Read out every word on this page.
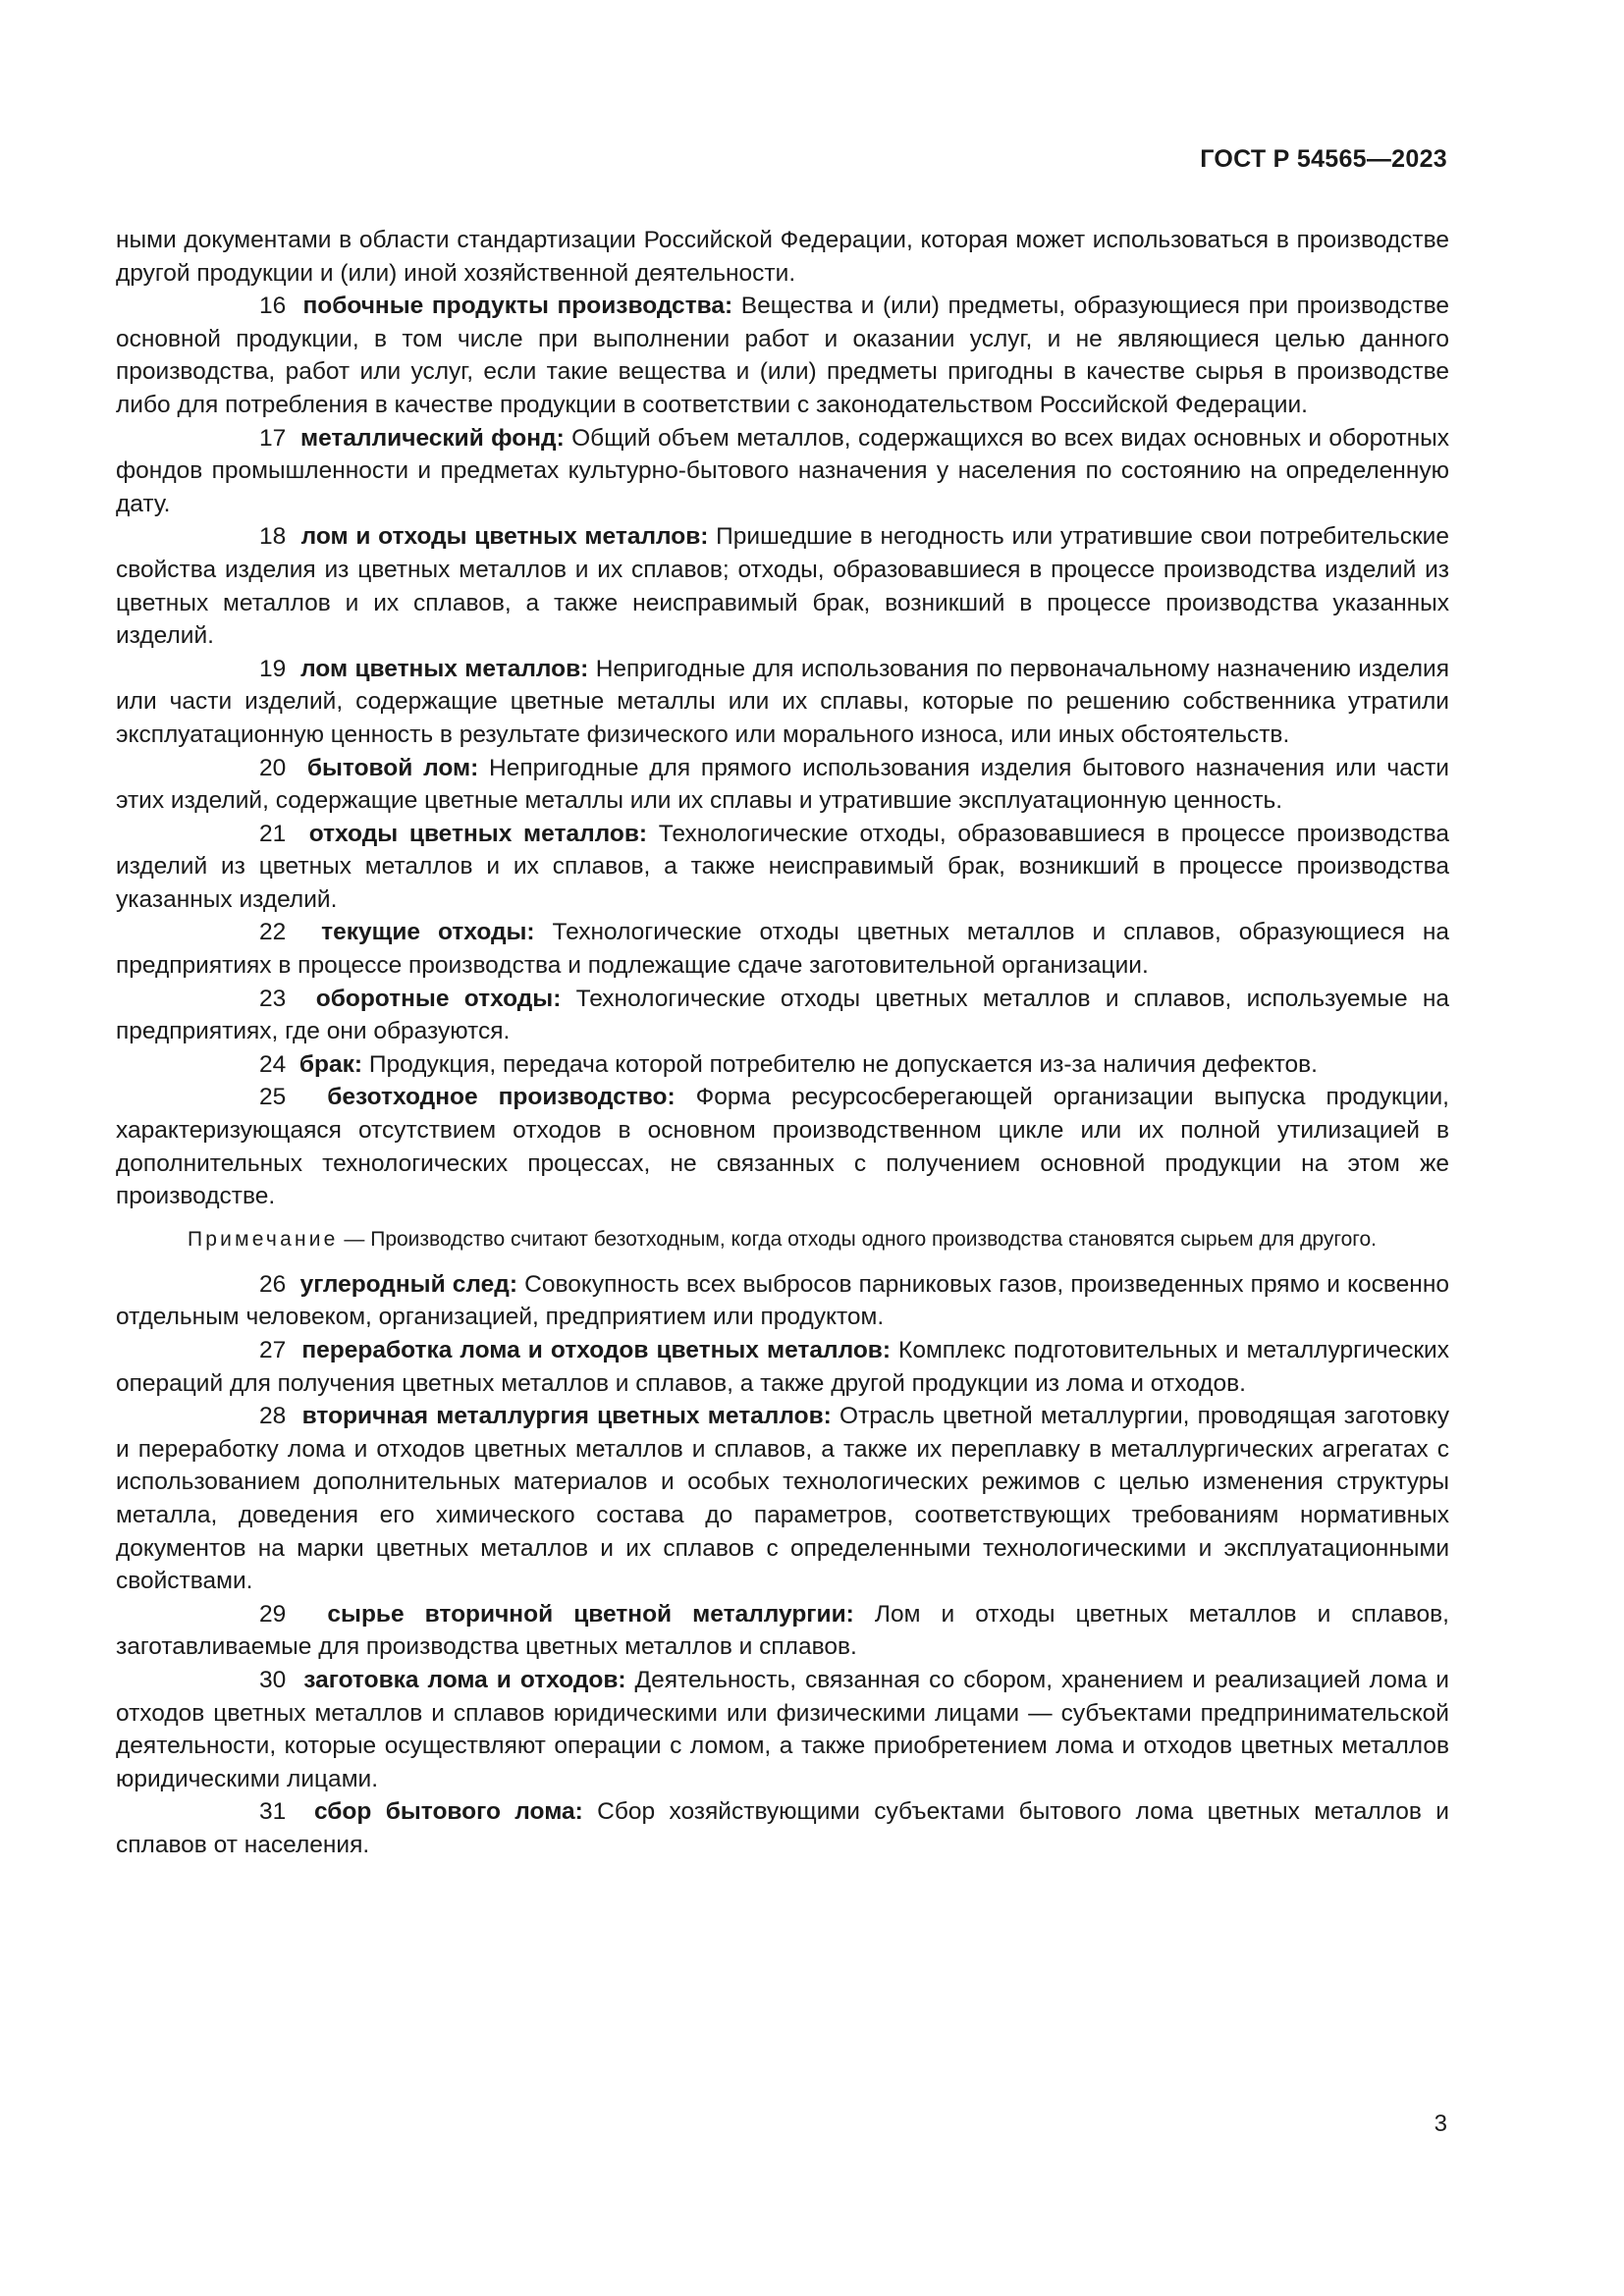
ГОСТ Р 54565—2023

ными документами в области стандартизации Российской Федерации, которая может использоваться в производстве другой продукции и (или) иной хозяйственной деятельности.

16 побочные продукты производства: Вещества и (или) предметы, образующиеся при производстве основной продукции, в том числе при выполнении работ и оказании услуг, и не являющиеся целью данного производства, работ или услуг, если такие вещества и (или) предметы пригодны в качестве сырья в производстве либо для потребления в качестве продукции в соответствии с законодательством Российской Федерации.

17 металлический фонд: Общий объем металлов, содержащихся во всех видах основных и оборотных фондов промышленности и предметах культурно-бытового назначения у населения по состоянию на определенную дату.

18 лом и отходы цветных металлов: Пришедшие в негодность или утратившие свои потребительские свойства изделия из цветных металлов и их сплавов; отходы, образовавшиеся в процессе производства изделий из цветных металлов и их сплавов, а также неисправимый брак, возникший в процессе производства указанных изделий.

19 лом цветных металлов: Непригодные для использования по первоначальному назначению изделия или части изделий, содержащие цветные металлы или их сплавы, которые по решению собственника утратили эксплуатационную ценность в результате физического или морального износа, или иных обстоятельств.

20 бытовой лом: Непригодные для прямого использования изделия бытового назначения или части этих изделий, содержащие цветные металлы или их сплавы и утратившие эксплуатационную ценность.

21 отходы цветных металлов: Технологические отходы, образовавшиеся в процессе производства изделий из цветных металлов и их сплавов, а также неисправимый брак, возникший в процессе производства указанных изделий.

22 текущие отходы: Технологические отходы цветных металлов и сплавов, образующиеся на предприятиях в процессе производства и подлежащие сдаче заготовительной организации.

23 оборотные отходы: Технологические отходы цветных металлов и сплавов, используемые на предприятиях, где они образуются.

24 брак: Продукция, передача которой потребителю не допускается из-за наличия дефектов.

25 безотходное производство: Форма ресурсосберегающей организации выпуска продукции, характеризующаяся отсутствием отходов в основном производственном цикле или их полной утилизацией в дополнительных технологических процессах, не связанных с получением основной продукции на этом же производстве.

Примечание — Производство считают безотходным, когда отходы одного производства становятся сырьем для другого.

26 углеродный след: Совокупность всех выбросов парниковых газов, произведенных прямо и косвенно отдельным человеком, организацией, предприятием или продуктом.

27 переработка лома и отходов цветных металлов: Комплекс подготовительных и металлургических операций для получения цветных металлов и сплавов, а также другой продукции из лома и отходов.

28 вторичная металлургия цветных металлов: Отрасль цветной металлургии, проводящая заготовку и переработку лома и отходов цветных металлов и сплавов, а также их переплавку в металлургических агрегатах с использованием дополнительных материалов и особых технологических режимов с целью изменения структуры металла, доведения его химического состава до параметров, соответствующих требованиям нормативных документов на марки цветных металлов и их сплавов с определенными технологическими и эксплуатационными свойствами.

29 сырье вторичной цветной металлургии: Лом и отходы цветных металлов и сплавов, заготавливаемые для производства цветных металлов и сплавов.

30 заготовка лома и отходов: Деятельность, связанная со сбором, хранением и реализацией лома и отходов цветных металлов и сплавов юридическими или физическими лицами — субъектами предпринимательской деятельности, которые осуществляют операции с ломом, а также приобретением лома и отходов цветных металлов юридическими лицами.

31 сбор бытового лома: Сбор хозяйствующими субъектами бытового лома цветных металлов и сплавов от населения.

3
